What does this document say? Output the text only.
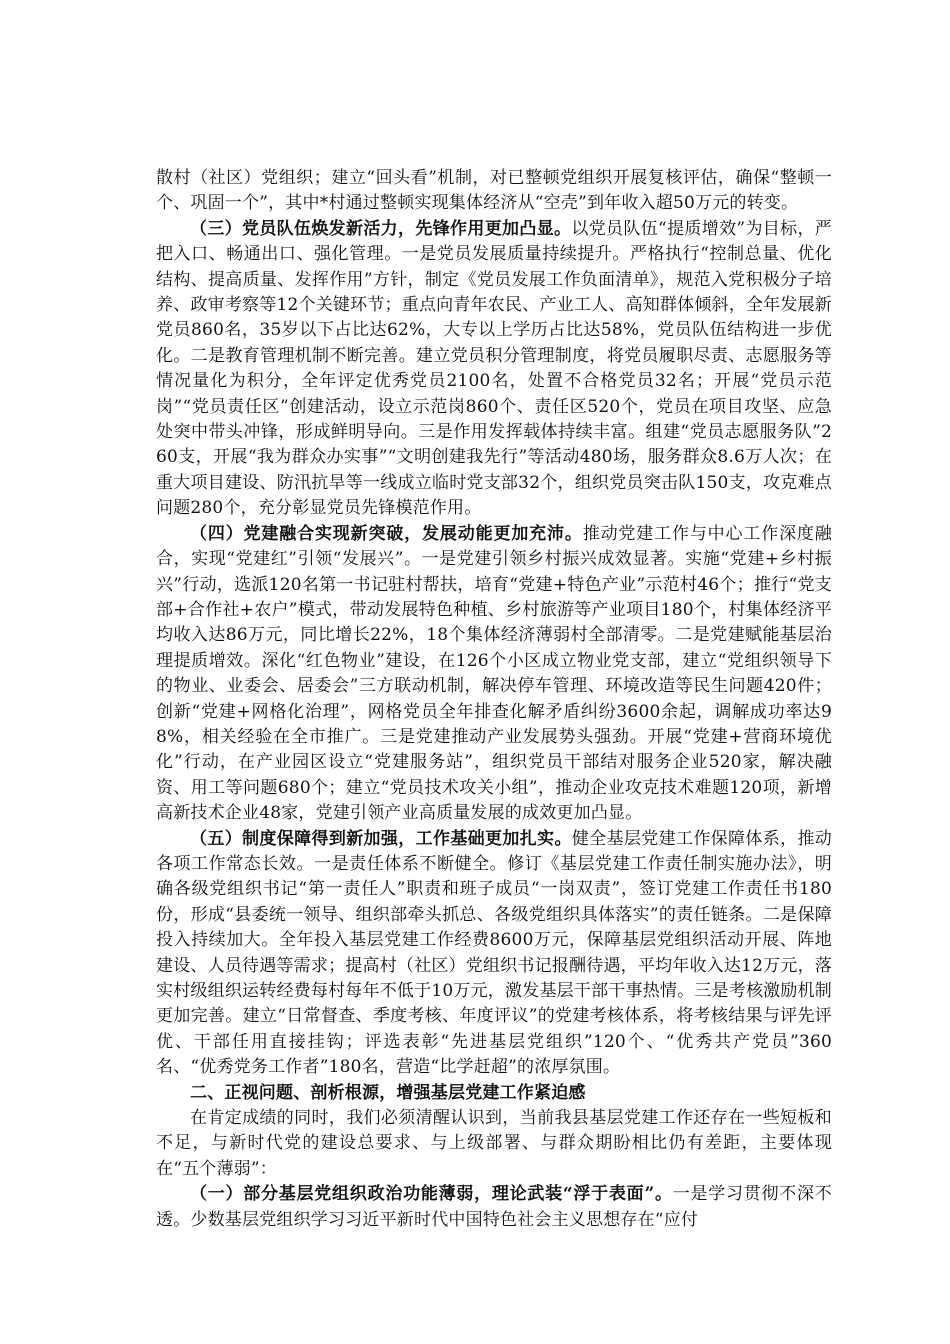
散村（社区）党组织；建立“回头看”机制，对已整顿党组织开展复核评估，确保“整顿一个、巩固一个”，其中*村通过整顿实现集体经济从“空壳”到年收入超50万元的转变。

（三）党员队伍焕发新活力，先锋作用更加凸显。以党员队伍“提质增效”为目标，严把入口、畅通出口、强化管理。一是党员发展质量持续提升。严格执行“控制总量、优化结构、提高质量、发挥作用”方针，制定《党员发展工作负面清单》，规范入党积极分子培养、政审考察等12个关键环节；重点向青年农民、产业工人、高知群体倾斜，全年发展新党员860名，35岁以下占比达62%，大专以上学历占比达58%，党员队伍结构进一步优化。二是教育管理机制不断完善。建立党员积分管理制度，将党员履职尽责、志愿服务等情况量化为积分，全年评定优秀党员2100名，处置不合格党员32名；开展“党员示范岗”“党员责任区”创建活动，设立示范岗860个、责任区520个，党员在项目攻坚、应急处突中带头冲锋，形成鲜明导向。三是作用发挥载体持续丰富。组建“党员志愿服务队”260支，开展“我为群众办实事”“文明创建我先行”等活动480场，服务群众8.6万人次；在重大项目建设、防汛抗旱等一线成立临时党支部32个，组织党员突击队150支，攻克难点问题280个，充分彰显党员先锋模范作用。

（四）党建融合实现新突破，发展动能更加充沛。推动党建工作与中心工作深度融合，实现“党建红”引领“发展兴”。一是党建引领乡村振兴成效显著。实施“党建+乡村振兴”行动，选派120名第一书记驻村帮扶，培育“党建+特色产业”示范村46个；推行“党支部+合作社+农户”模式，带动发展特色种植、乡村旅游等产业项目180个，村集体经济平均收入达86万元，同比增长22%，18个集体经济薄弱村全部清零。二是党建赋能基层治理提质增效。深化“红色物业”建设，在126个小区成立物业党支部，建立“党组织领导下的物业、业委会、居委会”三方联动机制，解决停车管理、环境改造等民生问题420件；创新“党建+网格化治理”，网格党员全年排查化解矛盾纠纷3600余起，调解成功率达98%，相关经验在全市推广。三是党建推动产业发展势头强劲。开展“党建+营商环境优化”行动，在产业园区设立“党建服务站”，组织党员干部结对服务企业520家，解决融资、用工等问题680个；建立“党员技术攻关小组”，推动企业攻克技术难题120项，新增高新技术企业48家，党建引领产业高质量发展的成效更加凸显。

（五）制度保障得到新加强，工作基础更加扎实。健全基层党建工作保障体系，推动各项工作常态长效。一是责任体系不断健全。修订《基层党建工作责任制实施办法》，明确各级党组织书记“第一责任人”职责和班子成员“一岗双责”，签订党建工作责任书180份，形成“县委统一领导、组织部牵头抓总、各级党组织具体落实”的责任链条。二是保障投入持续加大。全年投入基层党建工作经费8600万元，保障基层党组织活动开展、阵地建设、人员待遇等需求；提高村（社区）党组织书记报酬待遇，平均年收入达12万元，落实村级组织运转经费每村每年不低于10万元，激发基层干部干事热情。三是考核激励机制更加完善。建立“日常督查、季度考核、年度评议”的党建考核体系，将考核结果与评先评优、干部任用直接挂钩；评选表彰“先进基层党组织”120个、“优秀共产党员”360名、“优秀党务工作者”180名，营造“比学赶超”的浓厚氛围。

二、正视问题、剖析根源，增强基层党建工作紧迫感

在肯定成绩的同时，我们必须清醒认识到，当前我县基层党建工作还存在一些短板和不足，与新时代党的建设总要求、与上级部署、与群众期盼相比仍有差距，主要体现在“五个薄弱”：

（一）部分基层党组织政治功能薄弱，理论武装“浮于表面”。一是学习贯彻不深不透。少数基层党组织学习习近平新时代中国特色社会主义思想存在“应付
